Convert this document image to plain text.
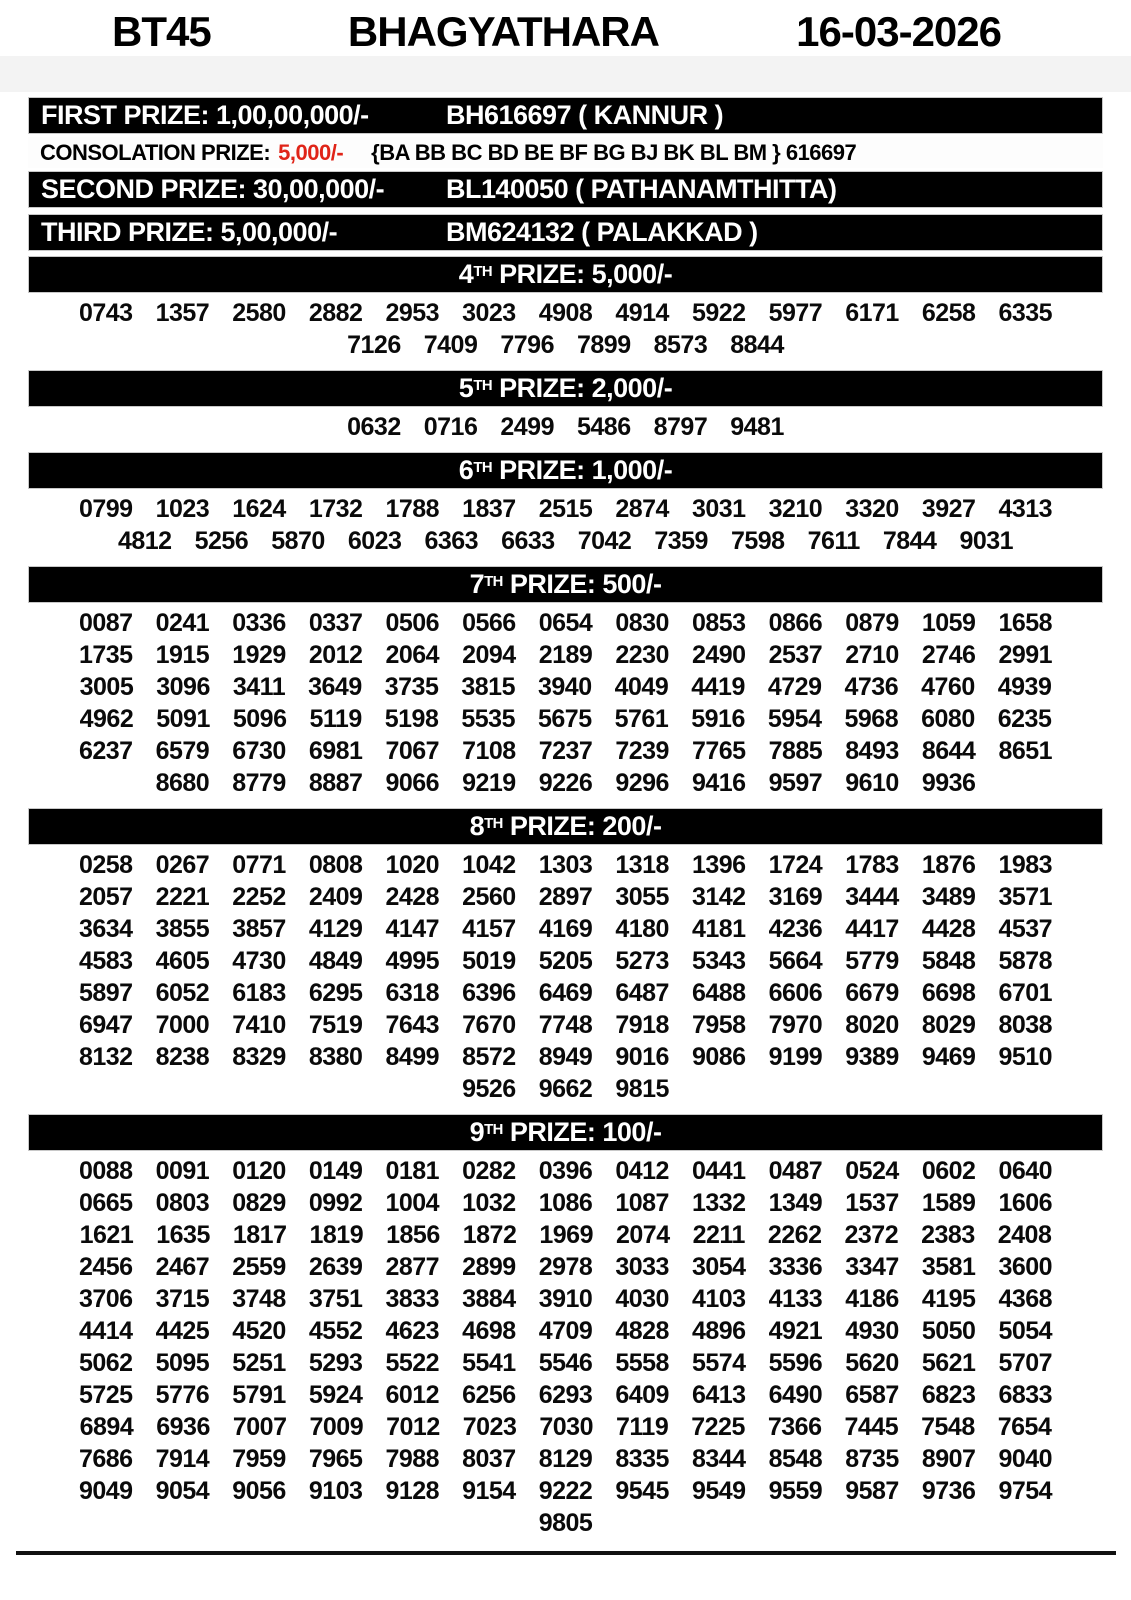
BT45	BHAGYATHARA	16-03-2026
FIRST PRIZE: 1,00,00,000/-	BH616697 ( KANNUR )
CONSOLATION PRIZE: 5,000/- {BA BB BC BD BE BF BG BJ BK BL BM } 616697
SECOND PRIZE: 30,00,000/-	BL140050 ( PATHANAMTHITTA)
THIRD PRIZE: 5,00,000/-	BM624132 ( PALAKKAD )
4 TH PRIZE: 5,000/-
0743 1357 2580 2882 2953 3023 4908 4914 5922 5977 6171 6258 6335
7126 7409 7796 7899 8573 8844
5 TH PRIZE: 2,000/-
0632 0716 2499 5486 8797 9481
6 TH PRIZE: 1,000/-
0799 1023 1624 1732 1788 1837 2515 2874 3031 3210 3320 3927 4313
4812 5256 5870 6023 6363 6633 7042 7359 7598 7611 7844 9031
7 TH PRIZE: 500/-
0087 0241 0336 0337 0506 0566 0654 0830 0853 0866 0879 1059 1658
1735 1915 1929 2012 2064 2094 2189 2230 2490 2537 2710 2746 2991
3005 3096 3411 3649 3735 3815 3940 4049 4419 4729 4736 4760 4939
4962 5091 5096 5119 5198 5535 5675 5761 5916 5954 5968 6080 6235
6237 6579 6730 6981 7067 7108 7237 7239 7765 7885 8493 8644 8651
8680 8779 8887 9066 9219 9226 9296 9416 9597 9610 9936
8 TH PRIZE: 200/-
0258 0267 0771 0808 1020 1042 1303 1318 1396 1724 1783 1876 1983
2057 2221 2252 2409 2428 2560 2897 3055 3142 3169 3444 3489 3571
3634 3855 3857 4129 4147 4157 4169 4180 4181 4236 4417 4428 4537
4583 4605 4730 4849 4995 5019 5205 5273 5343 5664 5779 5848 5878
5897 6052 6183 6295 6318 6396 6469 6487 6488 6606 6679 6698 6701
6947 7000 7410 7519 7643 7670 7748 7918 7958 7970 8020 8029 8038
8132 8238 8329 8380 8499 8572 8949 9016 9086 9199 9389 9469 9510
9526 9662 9815
9 TH PRIZE: 100/-
0088 0091 0120 0149 0181 0282 0396 0412 0441 0487 0524 0602 0640
0665 0803 0829 0992 1004 1032 1086 1087 1332 1349 1537 1589 1606
1621 1635 1817 1819 1856 1872 1969 2074 2211 2262 2372 2383 2408
2456 2467 2559 2639 2877 2899 2978 3033 3054 3336 3347 3581 3600
3706 3715 3748 3751 3833 3884 3910 4030 4103 4133 4186 4195 4368
4414 4425 4520 4552 4623 4698 4709 4828 4896 4921 4930 5050 5054
5062 5095 5251 5293 5522 5541 5546 5558 5574 5596 5620 5621 5707
5725 5776 5791 5924 6012 6256 6293 6409 6413 6490 6587 6823 6833
6894 6936 7007 7009 7012 7023 7030 7119 7225 7366 7445 7548 7654
7686 7914 7959 7965 7988 8037 8129 8335 8344 8548 8735 8907 9040
9049 9054 9056 9103 9128 9154 9222 9545 9549 9559 9587 9736 9754
9805
